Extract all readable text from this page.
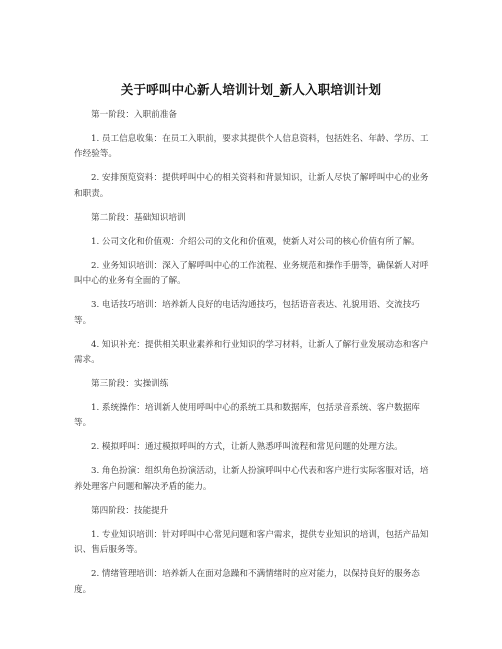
关于呼叫中心新人培训计划_新人入职培训计划

第一阶段：入职前准备

1. 员工信息收集：在员工入职前，要求其提供个人信息资料，包括姓名、年龄、学历、工作经验等。

2. 安排预览资料：提供呼叫中心的相关资料和背景知识，让新人尽快了解呼叫中心的业务和职责。

第二阶段：基础知识培训

1. 公司文化和价值观：介绍公司的文化和价值观，使新人对公司的核心价值有所了解。

2. 业务知识培训：深入了解呼叫中心的工作流程、业务规范和操作手册等，确保新人对呼叫中心的业务有全面的了解。

3. 电话技巧培训：培养新人良好的电话沟通技巧，包括语音表达、礼貌用语、交流技巧等。

4. 知识补充：提供相关职业素养和行业知识的学习材料，让新人了解行业发展动态和客户需求。

第三阶段：实操训练

1. 系统操作：培训新人使用呼叫中心的系统工具和数据库，包括录音系统、客户数据库等。

2. 模拟呼叫：通过模拟呼叫的方式，让新人熟悉呼叫流程和常见问题的处理方法。

3. 角色扮演：组织角色扮演活动，让新人扮演呼叫中心代表和客户进行实际客服对话，培养处理客户问题和解决矛盾的能力。

第四阶段：技能提升

1. 专业知识培训：针对呼叫中心常见问题和客户需求，提供专业知识的培训，包括产品知识、售后服务等。

2. 情绪管理培训：培养新人在面对急躁和不满情绪时的应对能力，以保持良好的服务态度。
